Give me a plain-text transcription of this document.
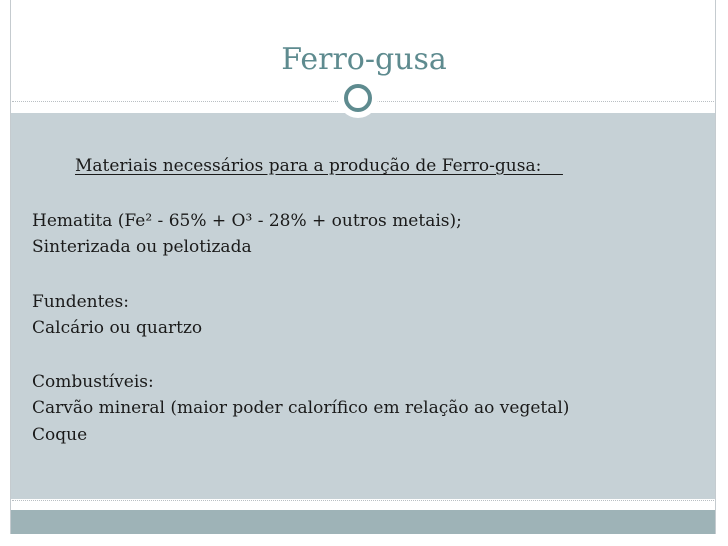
Ferro-gusa

Materiais necessários para a produção de Ferro-gusa:

Hematita (Fe² - 65% + O³ - 28% + outros metais);

Sinterizada ou pelotizada

Fundentes:

Calcário ou quartzo

Combustíveis:

Carvão mineral (maior poder calorífico em relação ao vegetal)

Coque
